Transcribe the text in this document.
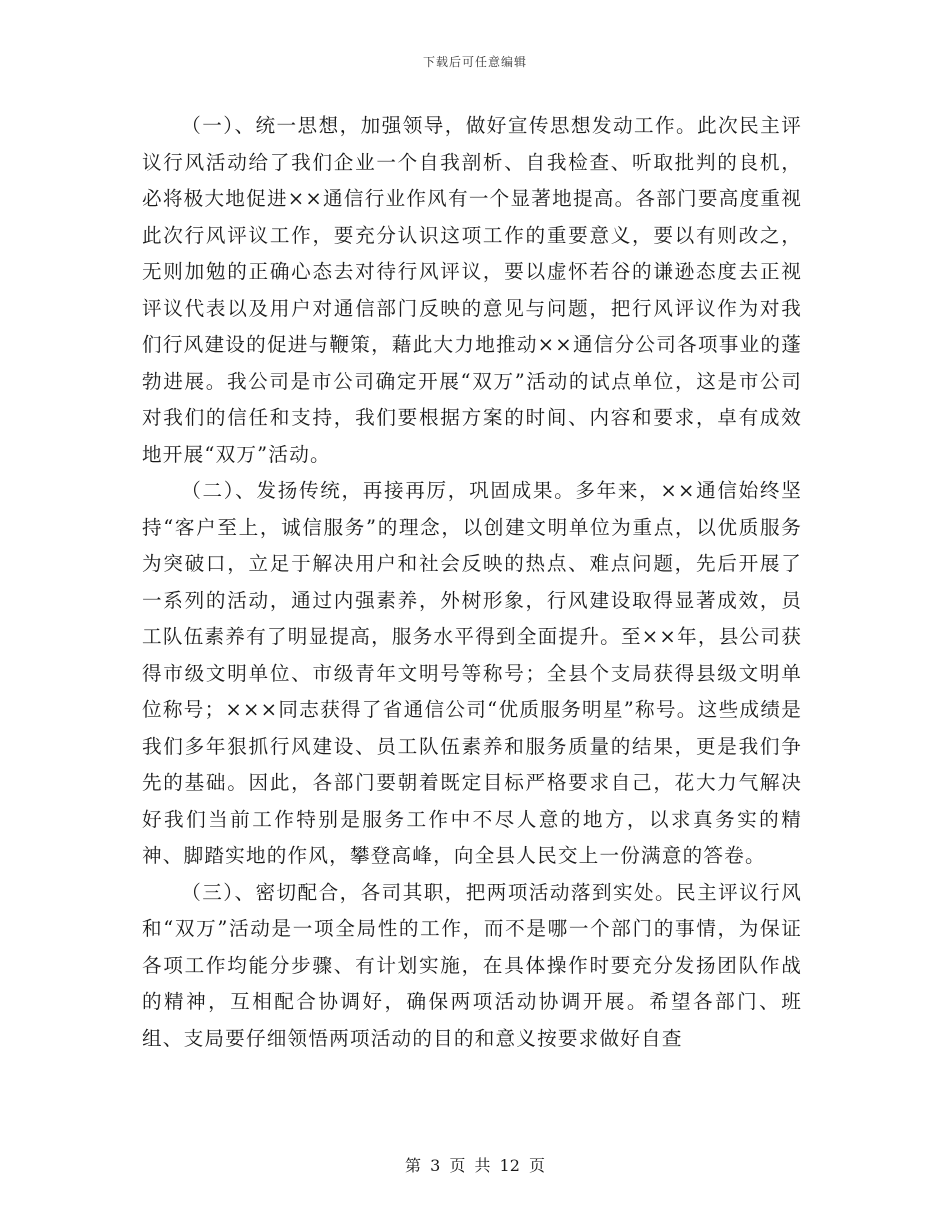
下载后可任意编辑

（一）、统一思想，加强领导，做好宣传思想发动工作。此次民主评议行风活动给了我们企业一个自我剖析、自我检查、听取批判的良机，必将极大地促进××通信行业作风有一个显著地提高。各部门要高度重视此次行风评议工作，要充分认识这项工作的重要意义，要以有则改之，无则加勉的正确心态去对待行风评议，要以虚怀若谷的谦逊态度去正视评议代表以及用户对通信部门反映的意见与问题，把行风评议作为对我们行风建设的促进与鞭策，藉此大力地推动××通信分公司各项事业的蓬勃进展。我公司是市公司确定开展“双万”活动的试点单位，这是市公司对我们的信任和支持，我们要根据方案的时间、内容和要求，卓有成效地开展“双万”活动。

（二）、发扬传统，再接再厉，巩固成果。多年来，××通信始终坚持“客户至上，诚信服务”的理念，以创建文明单位为重点，以优质服务为突破口，立足于解决用户和社会反映的热点、难点问题，先后开展了一系列的活动，通过内强素养，外树形象，行风建设取得显著成效，员工队伍素养有了明显提高，服务水平得到全面提升。至××年，县公司获得市级文明单位、市级青年文明号等称号；全县个支局获得县级文明单位称号；×××同志获得了省通信公司“优质服务明星”称号。这些成绩是我们多年狠抓行风建设、员工队伍素养和服务质量的结果，更是我们争先的基础。因此，各部门要朝着既定目标严格要求自己，花大力气解决好我们当前工作特别是服务工作中不尽人意的地方，以求真务实的精神、脚踏实地的作风，攀登高峰，向全县人民交上一份满意的答卷。

（三）、密切配合，各司其职，把两项活动落到实处。民主评议行风和“双万”活动是一项全局性的工作，而不是哪一个部门的事情，为保证各项工作均能分步骤、有计划实施，在具体操作时要充分发扬团队作战的精神，互相配合协调好，确保两项活动协调开展。希望各部门、班组、支局要仔细领悟两项活动的目的和意义按要求做好自查

第 3 页 共 12 页
